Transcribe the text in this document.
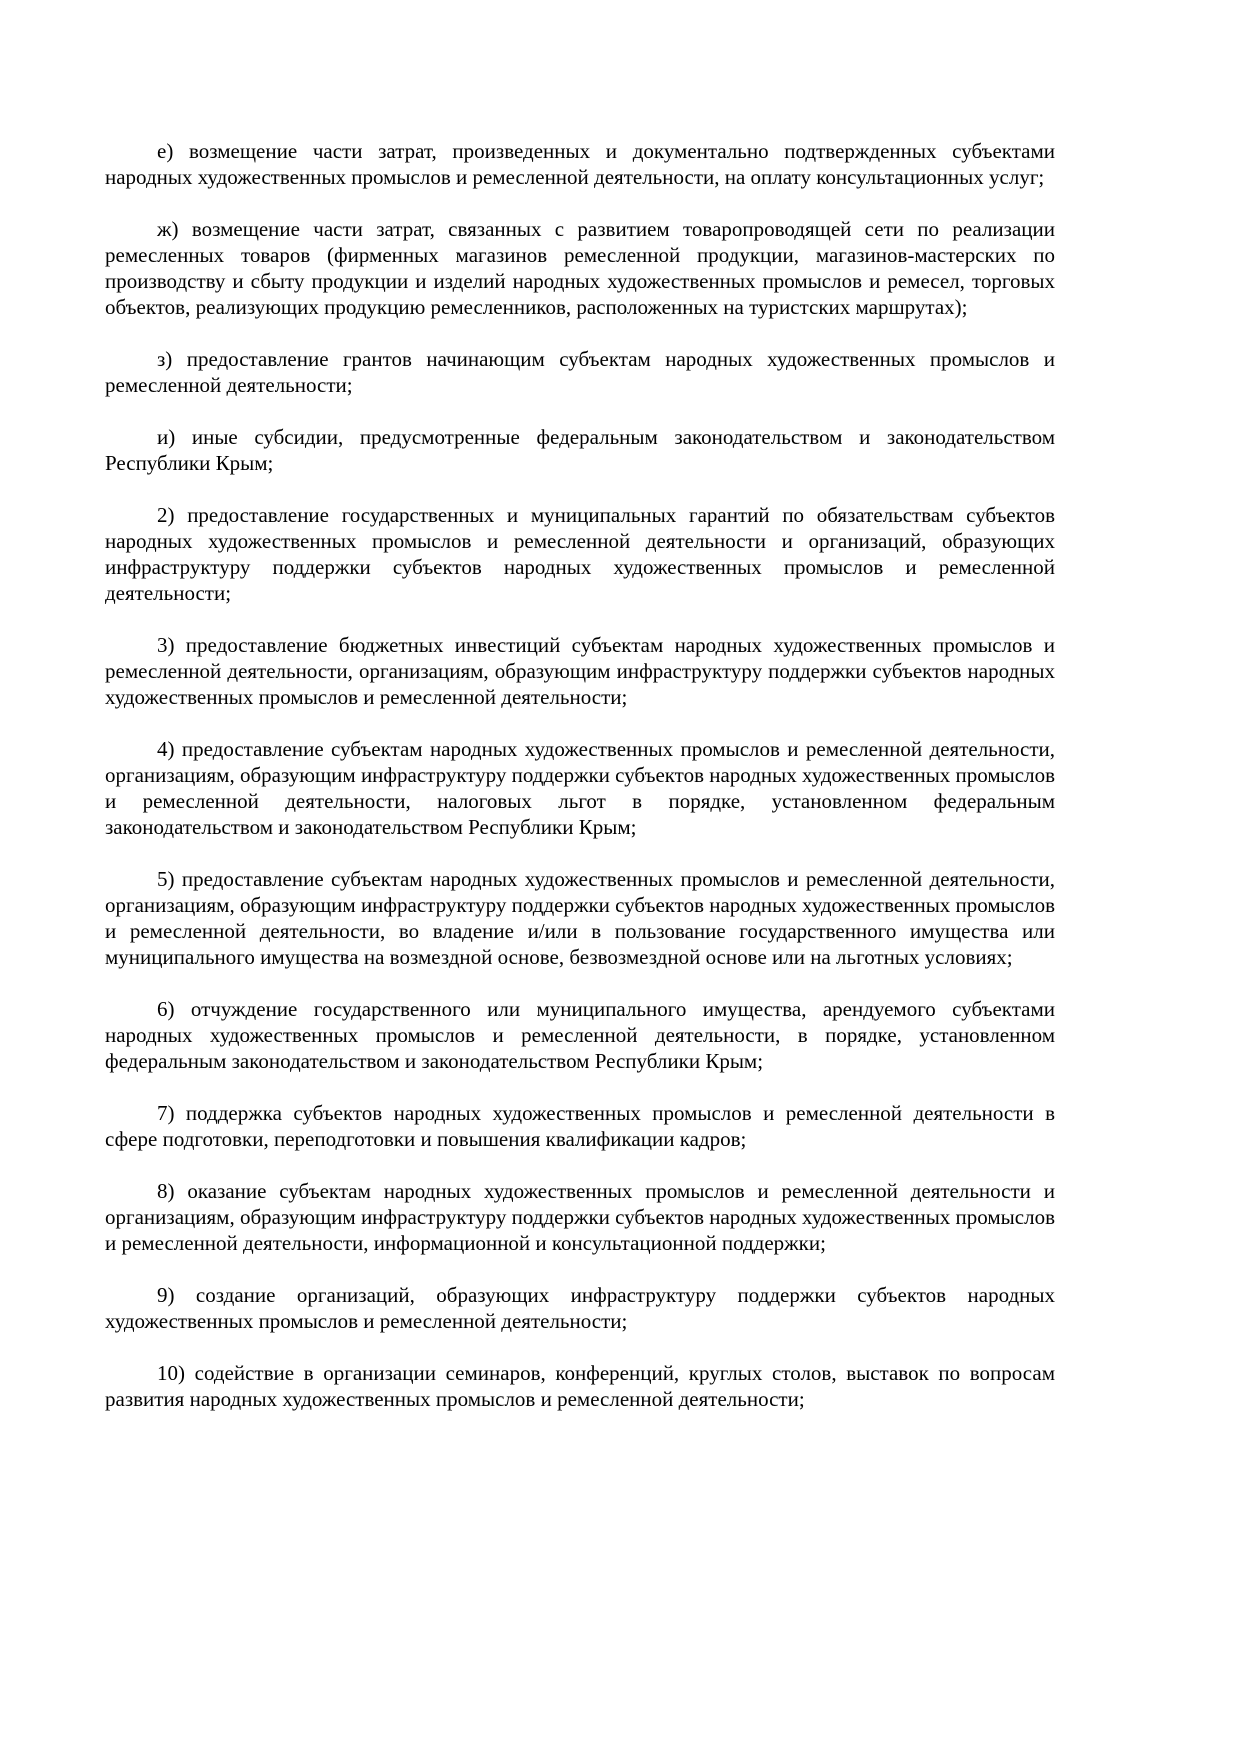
е) возмещение части затрат, произведенных и документально подтвержденных субъектами народных художественных промыслов и ремесленной деятельности, на оплату консультационных услуг;

ж) возмещение части затрат, связанных с развитием товаропроводящей сети по реализации ремесленных товаров (фирменных магазинов ремесленной продукции, магазинов-мастерских по производству и сбыту продукции и изделий народных художественных промыслов и ремесел, торговых объектов, реализующих продукцию ремесленников, расположенных на туристских маршрутах);

з) предоставление грантов начинающим субъектам народных художественных промыслов и ремесленной деятельности;

и) иные субсидии, предусмотренные федеральным законодательством и законодательством Республики Крым;

2) предоставление государственных и муниципальных гарантий по обязательствам субъектов народных художественных промыслов и ремесленной деятельности и организаций, образующих инфраструктуру поддержки субъектов народных художественных промыслов и ремесленной деятельности;

3) предоставление бюджетных инвестиций субъектам народных художественных промыслов и ремесленной деятельности, организациям, образующим инфраструктуру поддержки субъектов народных художественных промыслов и ремесленной деятельности;

4) предоставление субъектам народных художественных промыслов и ремесленной деятельности, организациям, образующим инфраструктуру поддержки субъектов народных художественных промыслов и ремесленной деятельности, налоговых льгот в порядке, установленном федеральным законодательством и законодательством Республики Крым;

5) предоставление субъектам народных художественных промыслов и ремесленной деятельности, организациям, образующим инфраструктуру поддержки субъектов народных художественных промыслов и ремесленной деятельности, во владение и/или в пользование государственного имущества или муниципального имущества на возмездной основе, безвозмездной основе или на льготных условиях;

6) отчуждение государственного или муниципального имущества, арендуемого субъектами народных художественных промыслов и ремесленной деятельности, в порядке, установленном федеральным законодательством и законодательством Республики Крым;

7) поддержка субъектов народных художественных промыслов и ремесленной деятельности в сфере подготовки, переподготовки и повышения квалификации кадров;

8) оказание субъектам народных художественных промыслов и ремесленной деятельности и организациям, образующим инфраструктуру поддержки субъектов народных художественных промыслов и ремесленной деятельности, информационной и консультационной поддержки;

9) создание организаций, образующих инфраструктуру поддержки субъектов народных художественных промыслов и ремесленной деятельности;

10) содействие в организации семинаров, конференций, круглых столов, выставок по вопросам развития народных художественных промыслов и ремесленной деятельности;
